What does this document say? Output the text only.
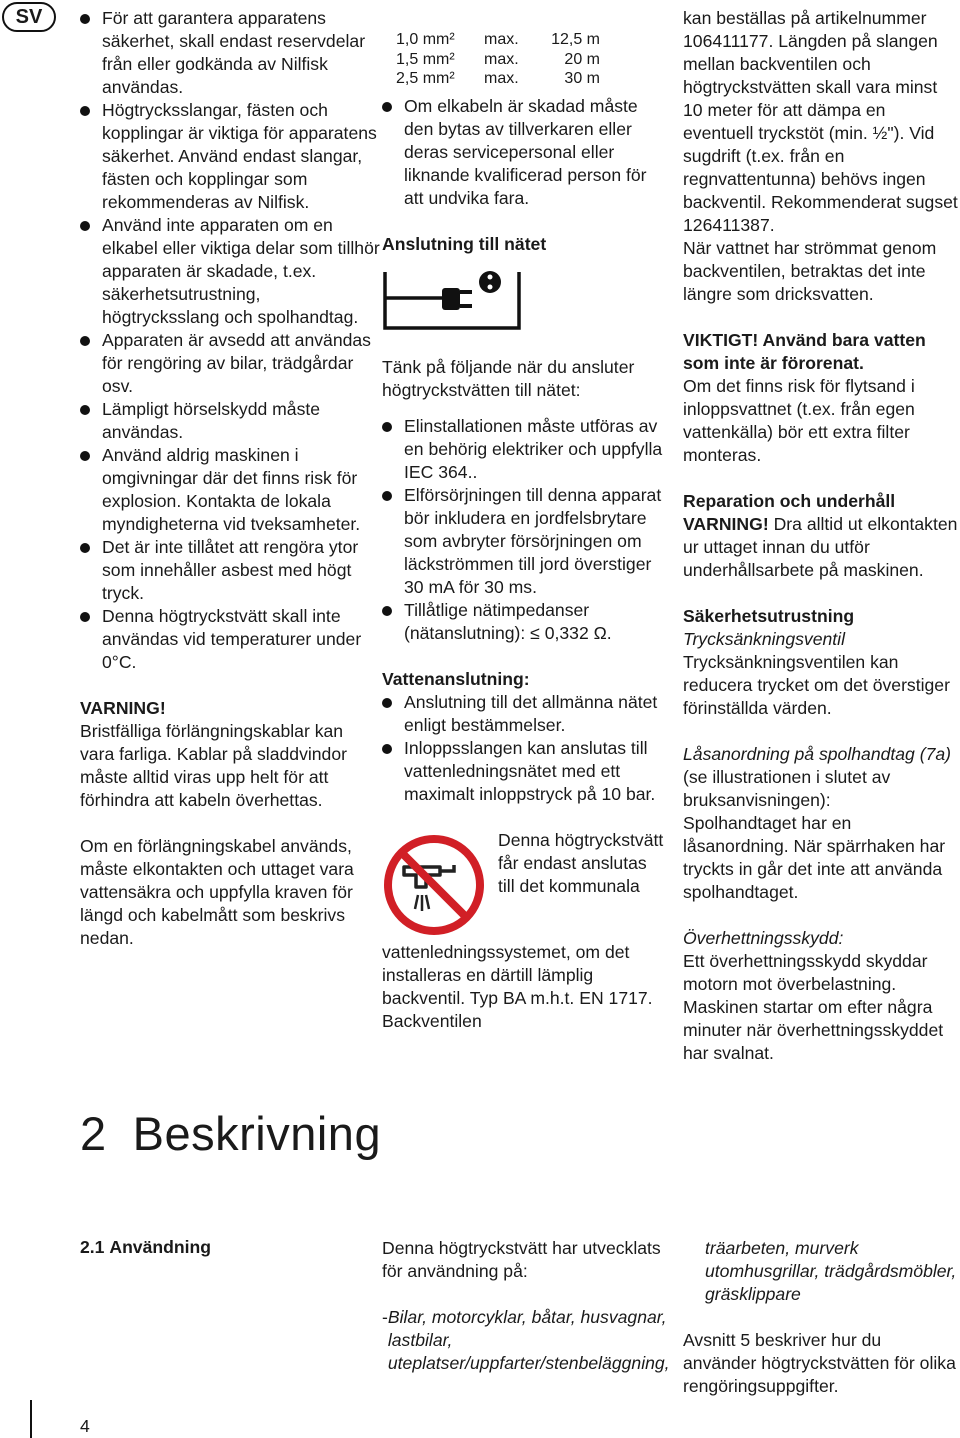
SV	För att garantera apparatens säkerhet, skall endast reservdelar från eller godkända av Nilfisk användas.
Högtrycksslangar, fästen och kopplingar är viktiga för apparatens säkerhet. Använd endast slangar, fästen och kopplingar som rekommenderas av Nilfisk.
Använd inte apparaten om en elkabel eller viktiga delar som tillhör apparaten är skadade, t.ex. säkerhetsutrustning, högtrycksslang och spolhandtag.
Apparaten är avsedd att användas för rengöring av bilar, trädgårdar osv.
Lämpligt hörselskydd måste användas.
Använd aldrig maskinen i omgivningar där det finns risk för explosion. Kontakta de lokala myndigheterna vid tveksamheter.
Det är inte tillåtet att rengöra ytor som innehåller asbest med högt tryck.
Denna högtryckstvätt skall inte användas vid temperaturer under 0°C.

VARNING!

Bristfälliga förlängningskablar kan vara farliga. Kablar på sladdvindor måste alltid viras upp helt för att förhindra att kabeln överhettas.

Om en förlängningskabel används, måste elkontakten och uttaget vara vattensäkra och uppfylla kraven för längd och kabelmått som beskrivs nedan.

1,0 mm²	max.	12,5 m
1,5 mm²	max.	20 m
2,5 mm²	max.	30 m
Om elkabeln är skadad måste den bytas av tillverkaren eller deras servicepersonal eller liknande kvalificerad person för att undvika fara.

Anslutning till nätet

Tänk på följande när du ansluter högtryckstvätten till nätet:

Elinstallationen måste utföras av en behörig elektriker och uppfylla IEC 364..
Elförsörjningen till denna apparat bör inkludera en jordfelsbrytare som avbryter försörjningen om läckströmmen till jord överstiger 30 mA för 30 ms.
Tillåtlige nätimpedanser (nätanslutning): ≤ 0,332 Ω.

Vattenanslutning:

Anslutning till det allmänna nätet enligt bestämmelser.
Inloppsslangen kan anslutas till vattenledningsnätet med ett maximalt inloppstryck på 10 bar.

Denna högtryckstvätt får endast anslutas till det kommunala vattenledningssystemet, om det installeras en därtill lämplig backventil. Typ BA m.h.t. EN 1717. Backventilen

kan beställas på artikelnummer 106411177. Längden på slangen mellan backventilen och högtryckstvätten skall vara minst 10 meter för att dämpa en eventuell tryckstöt (min. ½"). Vid sugdrift (t.ex. från en regnvattentunna) behövs ingen backventil. Rekommenderat sugset 126411387.

När vattnet har strömmat genom backventilen, betraktas det inte längre som dricksvatten.

VIKTIGT! Använd bara vatten som inte är förorenat.

Om det finns risk för flytsand i inloppsvattnet (t.ex. från egen vattenkälla) bör ett extra filter monteras.

Reparation och underhåll

VARNING! Dra alltid ut elkontakten ur uttaget innan du utför underhållsarbete på maskinen.

Säkerhetsutrustning

Trycksänkningsventil

Trycksänkningsventilen kan reducera trycket om det överstiger förinställda värden.

Låsanordning på spolhandtag (7a) (se illustrationen i slutet av bruksanvisningen):

Spolhandtaget har en låsanordning. När spärrhaken har tryckts in går det inte att använda spolhandtaget.

Överhettningsskydd:

Ett överhettningsskydd skyddar motorn mot överbelastning. Maskinen startar om efter några minuter när överhettningsskyddet har svalnat.

2 Beskrivning
2.1 Användning	Denna högtryckstvätt har utvecklats för användning på:

- Bilar, motorcyklar, båtar, husvagnar, lastbilar, uteplatser/uppfarter/stenbeläggning,

träarbeten, murverk utomhusgrillar, trädgårdsmöbler, gräsklippare

Avsnitt 5 beskriver hur du använder högtryckstvätten för olika rengöringsuppgifter.

4
